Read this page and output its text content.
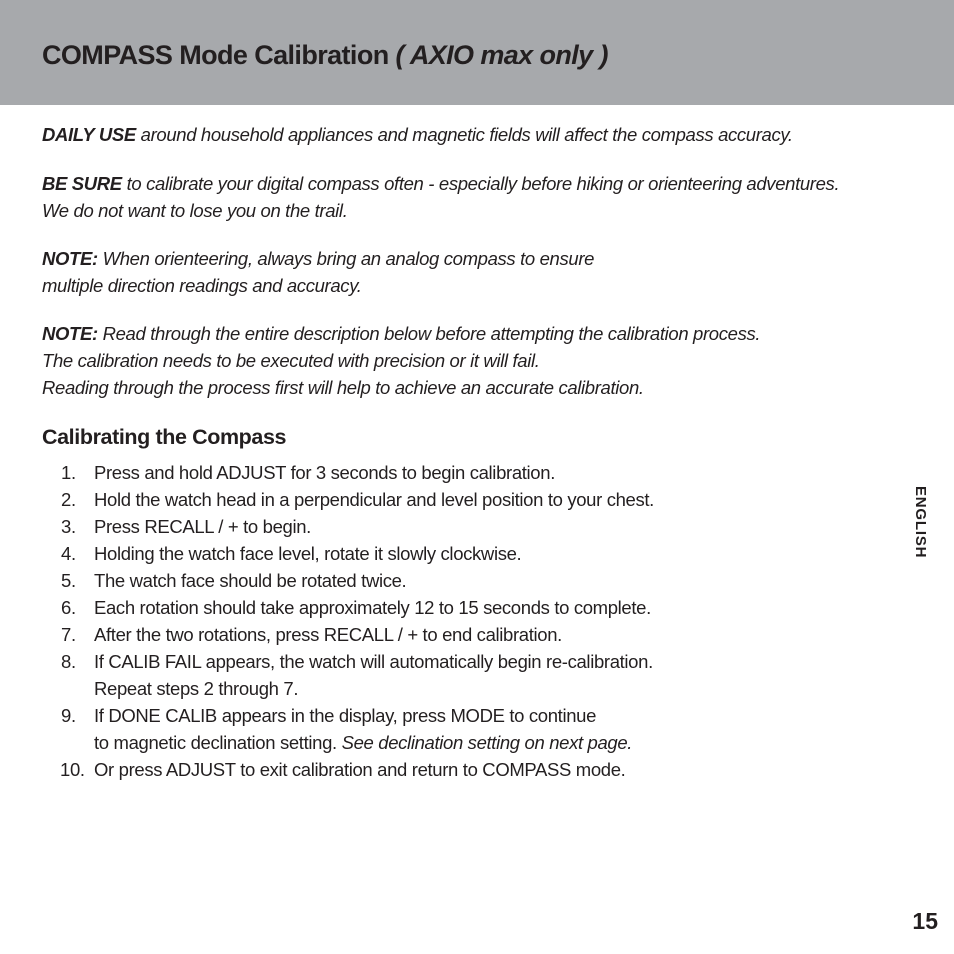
COMPASS Mode Calibration ( AXIO max only )

DAILY USE around household appliances and magnetic fields will affect the compass accuracy.

BE SURE to calibrate your digital compass often - especially before hiking or orienteering adventures.
We do not want to lose you on the trail.

NOTE: When orienteering, always bring an analog compass to ensure
multiple direction readings and accuracy.

NOTE: Read through the entire description below before attempting the calibration process.
The calibration needs to be executed with precision or it will fail.
Reading through the process first will help to achieve an accurate calibration.

Calibrating the Compass
1. Press and hold ADJUST for 3 seconds to begin calibration.
2. Hold the watch head in a perpendicular and level position to your chest.
3. Press RECALL / + to begin.
4. Holding the watch face level, rotate it slowly clockwise.
5. The watch face should be rotated twice.
6. Each rotation should take approximately 12 to 15 seconds to complete.
7. After the two rotations, press RECALL / + to end calibration.
8. If CALIB FAIL appears, the watch will automatically begin re-calibration.
Repeat steps 2 through 7.
9. If DONE CALIB appears in the display, press MODE to continue
to magnetic declination setting. See declination setting on next page.
10. Or press ADJUST to exit calibration and return to COMPASS mode.
ENGLISH
15
